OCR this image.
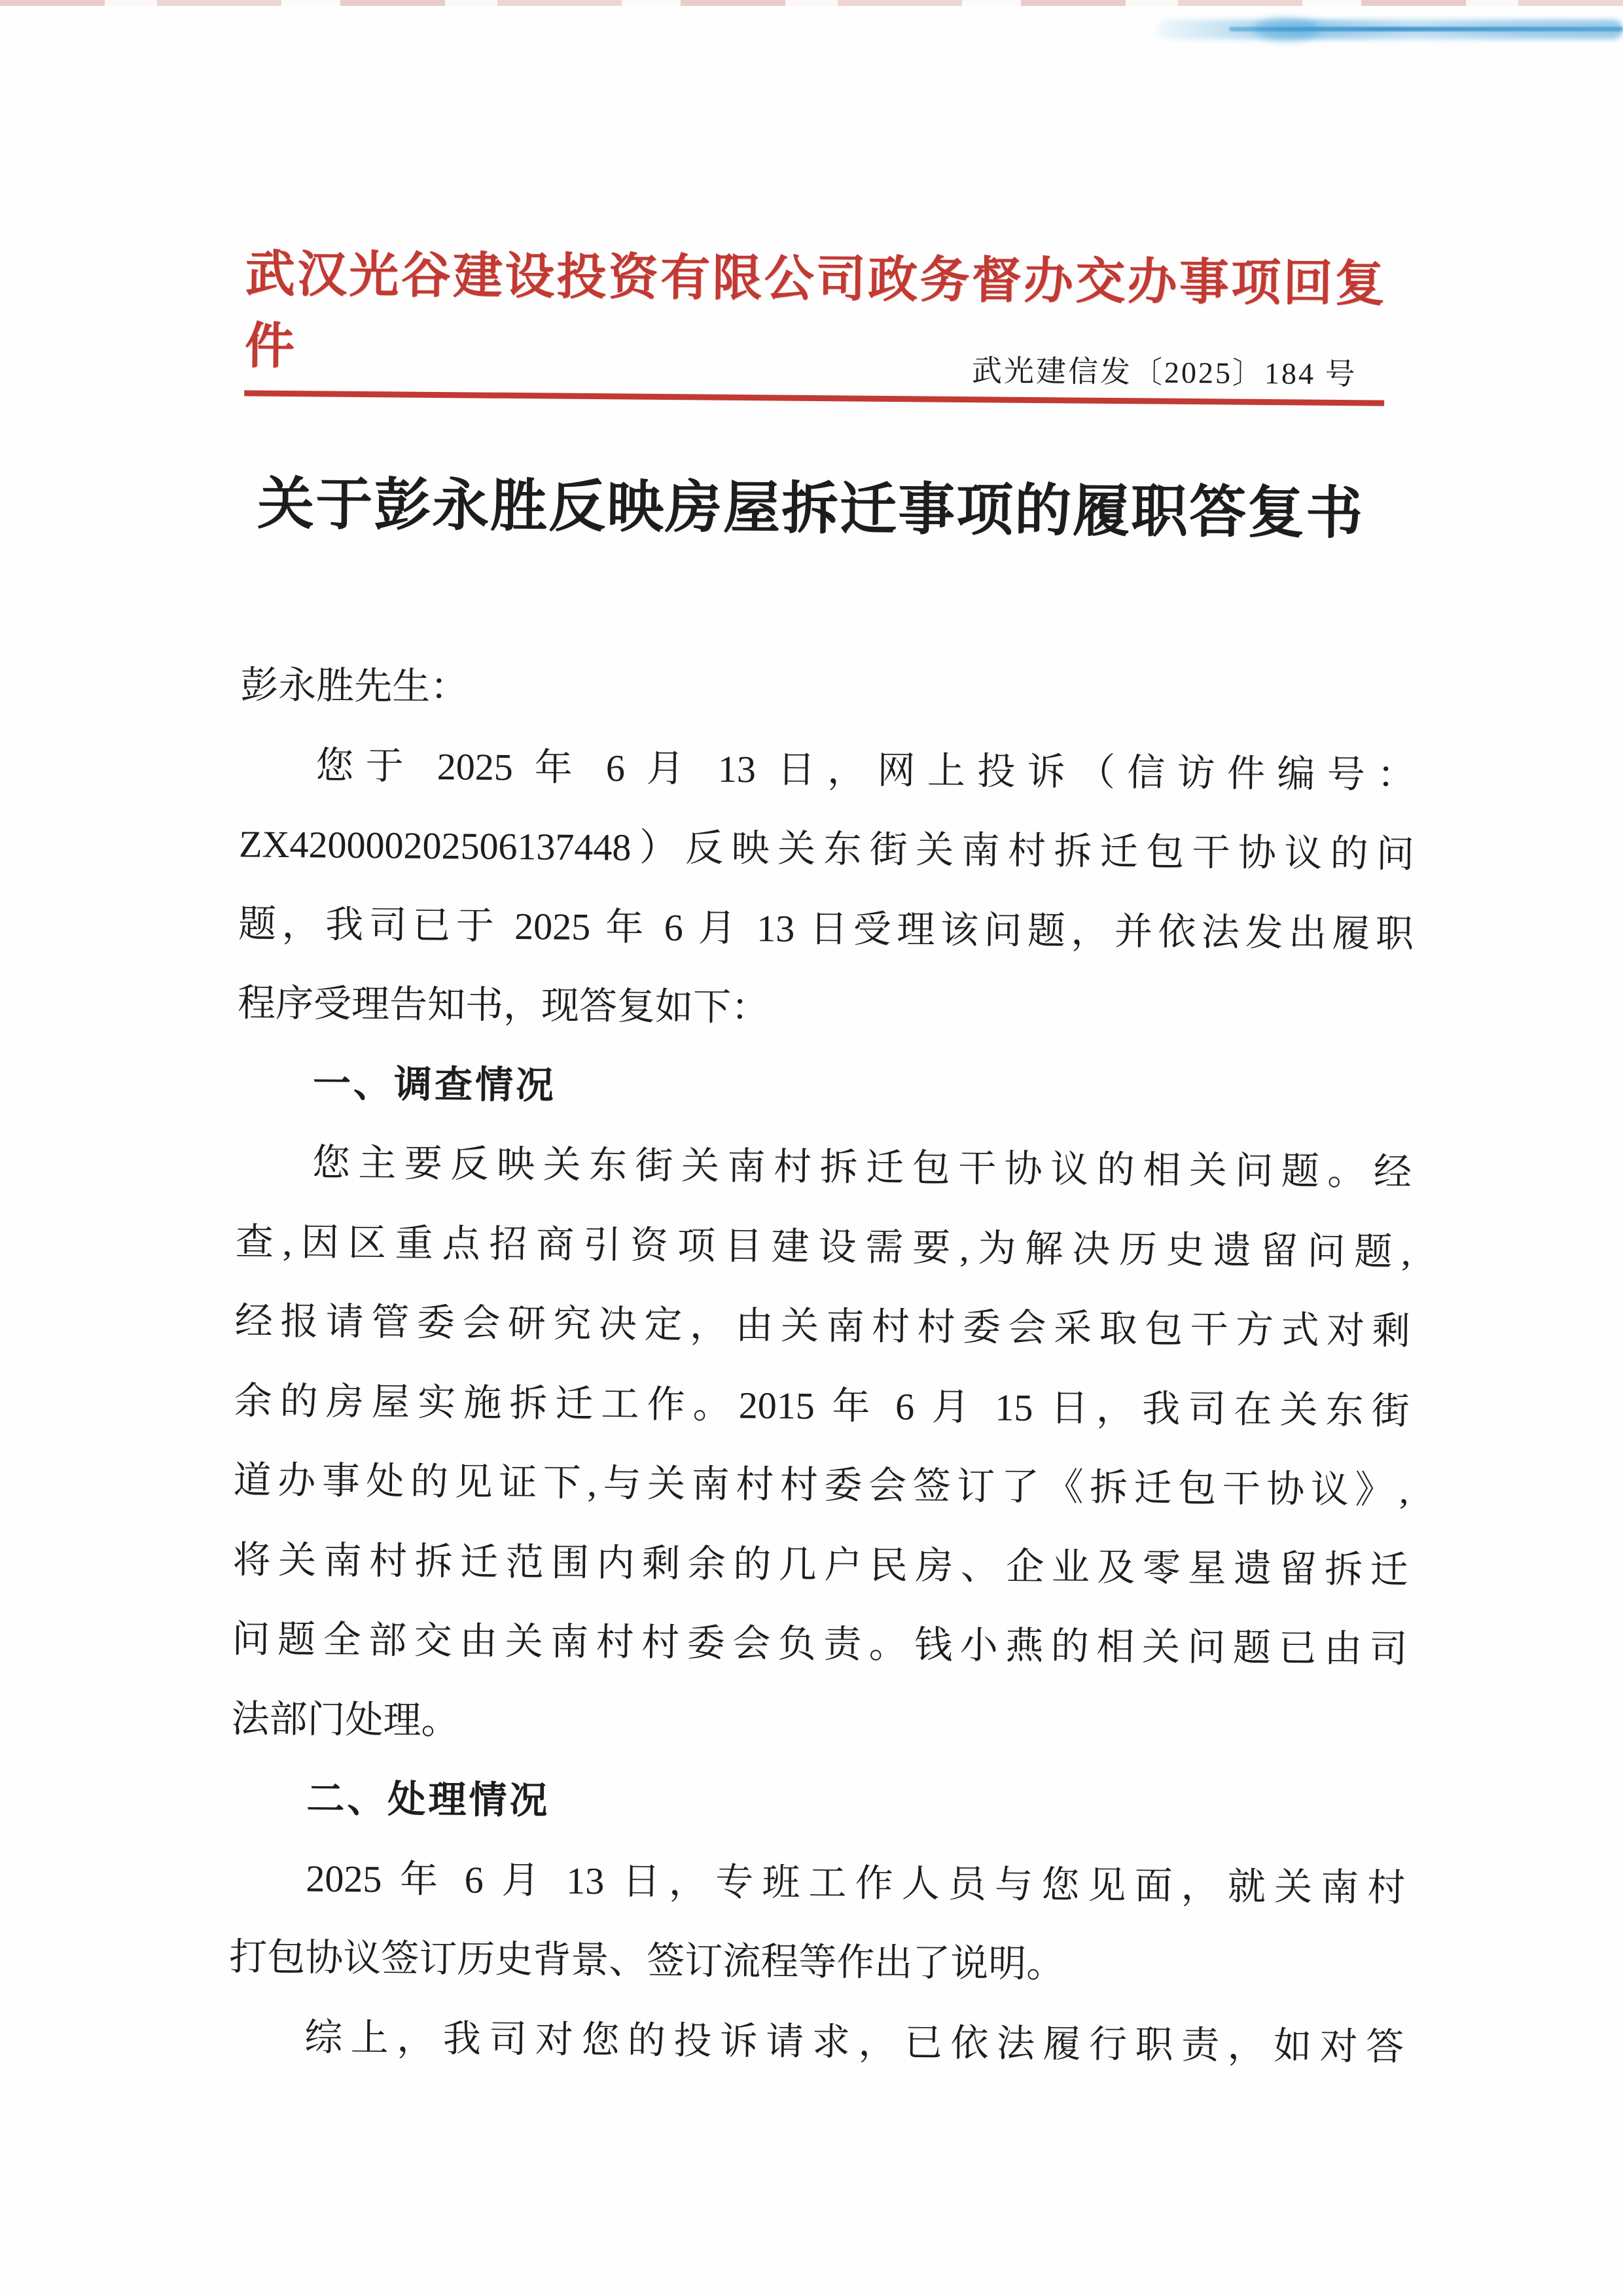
武汉光谷建设投资有限公司政务督办交办事项回复件	武光建信发〔2025〕184 号
关于彭永胜反映房屋拆迁事项的履职答复书
彭永胜先生：
您于 2025 年 6 月 13 日，网上投诉（信访件编号：
ZX420000202506137448）反映关东街关南村拆迁包干协议的问
题，我司已于 2025 年 6 月 13 日受理该问题，并依法发出履职
程序受理告知书，现答复如下：
一、调查情况
您主要反映关东街关南村拆迁包干协议的相关问题。经
查,因区重点招商引资项目建设需要,为解决历史遗留问题,
经报请管委会研究决定，由关南村村委会采取包干方式对剩
余的房屋实施拆迁工作。2015 年 6 月 15 日，我司在关东街
道办事处的见证下,与关南村村委会签订了《拆迁包干协议》,
将关南村拆迁范围内剩余的几户民房、企业及零星遗留拆迁
问题全部交由关南村村委会负责。钱小燕的相关问题已由司
法部门处理。
二、处理情况
2025 年 6 月 13 日，专班工作人员与您见面，就关南村
打包协议签订历史背景、签订流程等作出了说明。
综上，我司对您的投诉请求，已依法履行职责，如对答
